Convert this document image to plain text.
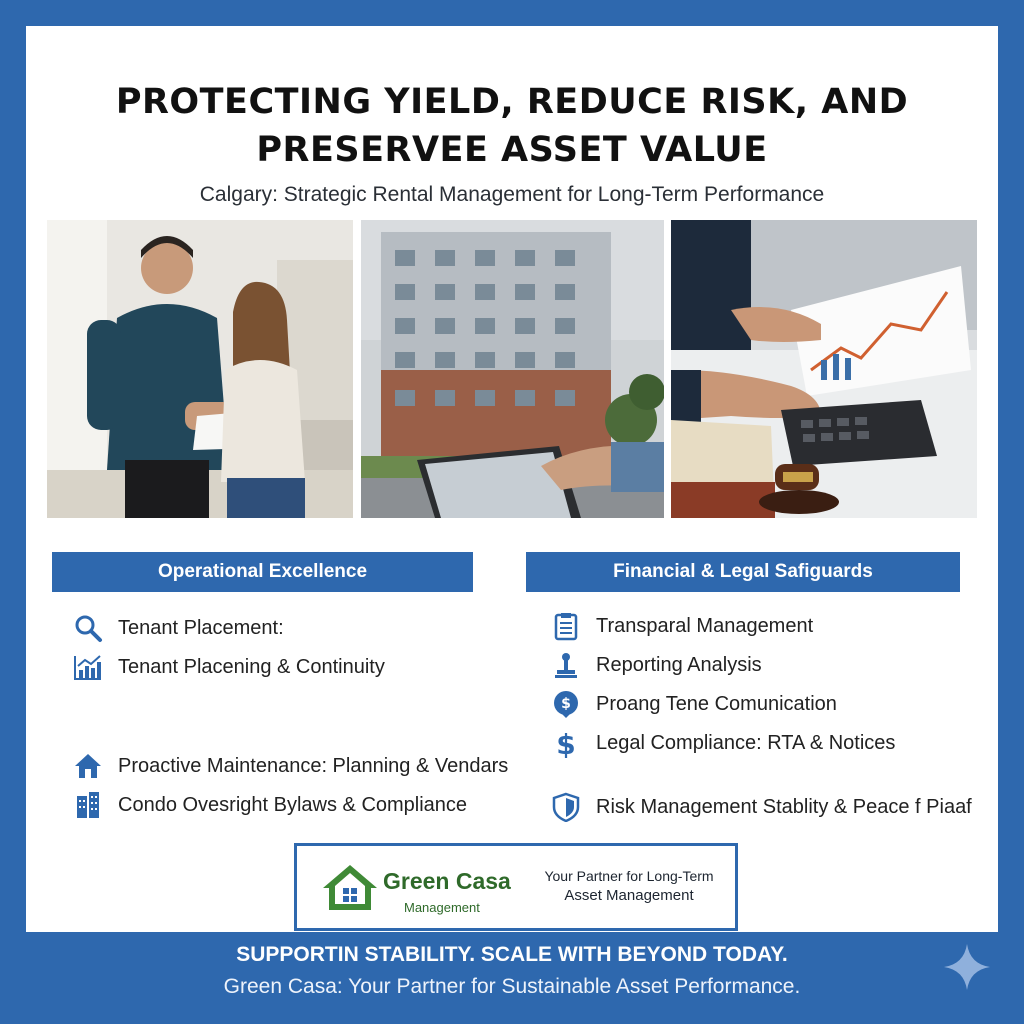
PROTECTING YIELD, REDUCE RISK, AND
PRESERVEE ASSET VALUE
Calgary: Strategic Rental Management for Long-Term Performance
Operational Excellence	Financial & Legal Safiguards
Tenant Placement:
Tenant Placening & Continuity
Proactive Maintenance: Planning & Vendars
Condo Ovesright Bylaws & Compliance
Transparal Management
Reporting Analysis
$ Proang Tene Comunication
$ Legal Compliance: RTA & Notices
Risk Management Stablity & Peace f Piaaf
Green Casa
Management
Your Partner for Long-Term
Asset Management
SUPPORTIN STABILITY. SCALE WITH BEYOND TODAY.
Green Casa: Your Partner for Sustainable Asset Performance.
